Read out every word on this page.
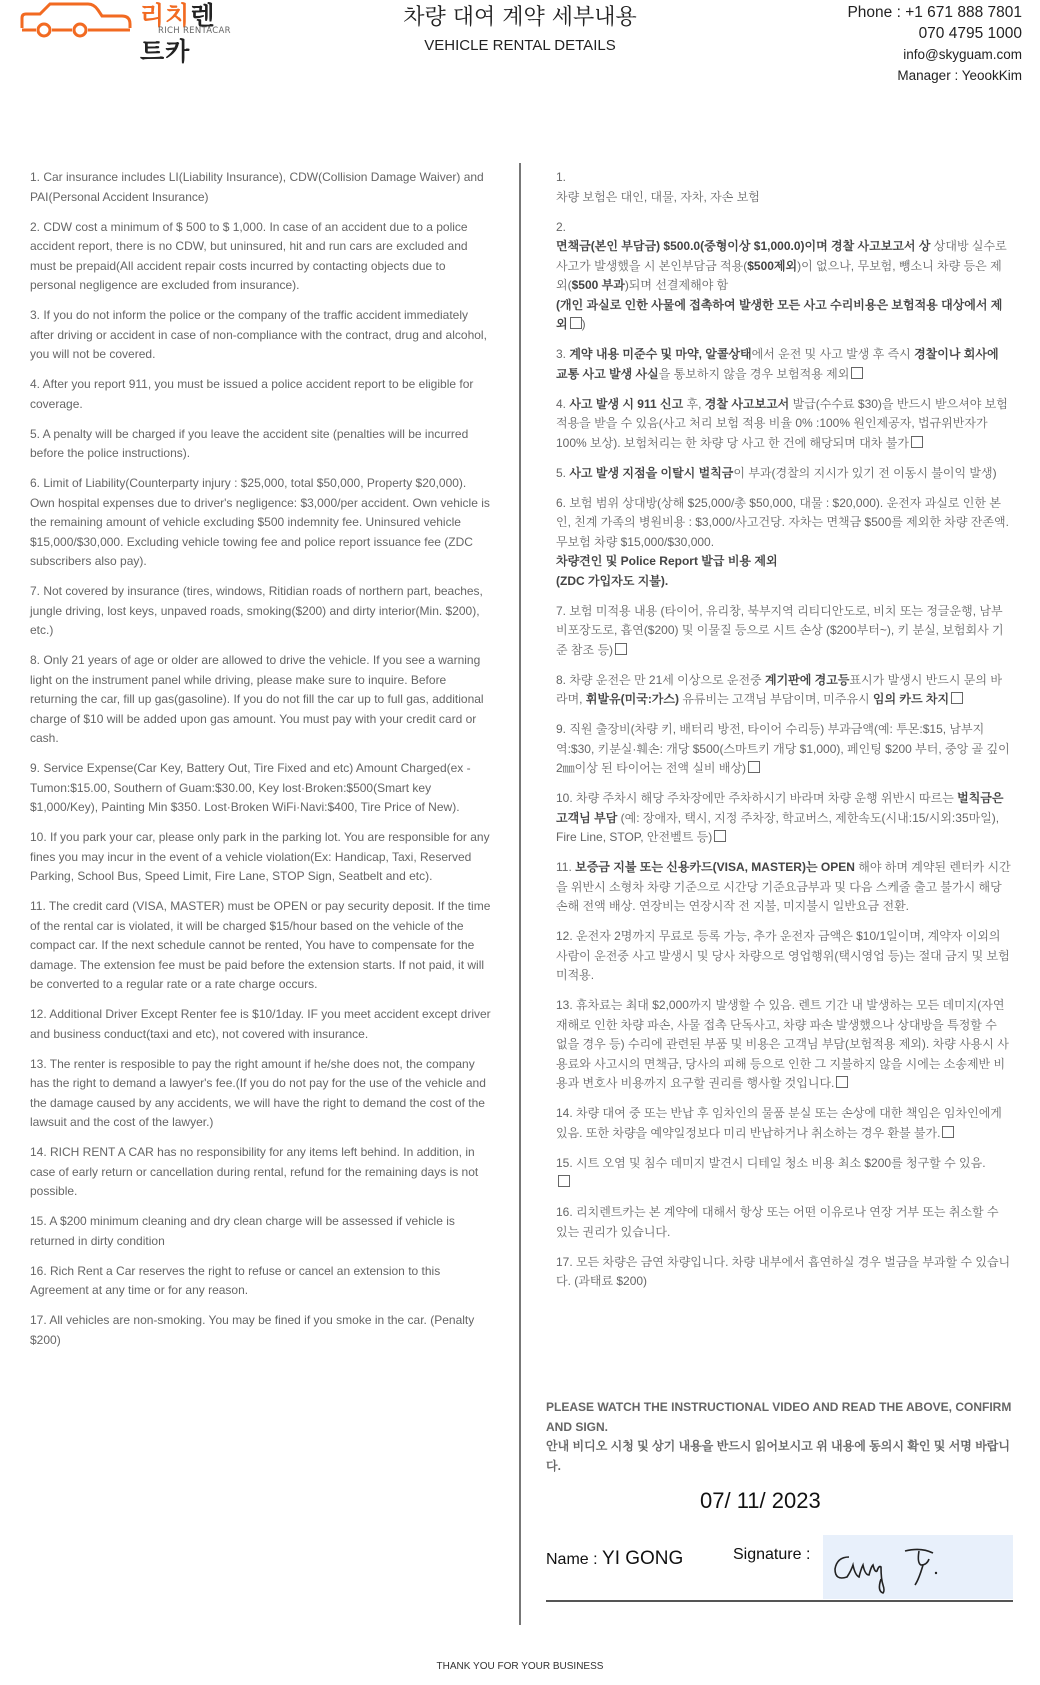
리치렌트카
RICH RENTACAR
차량 대여 계약 세부내용
VEHICLE RENTAL DETAILS
Phone : +1 671 888 7801
070 4795 1000
info@skyguam.com
Manager : YeookKim

1. Car insurance includes LI(Liability Insurance), CDW(Collision Damage Waiver) and PAI(Personal Accident Insurance)

2. CDW cost a minimum of $ 500 to $ 1,000. In case of an accident due to a police accident report, there is no CDW, but uninsured, hit and run cars are excluded and must be prepaid(All accident repair costs incurred by contacting objects due to personal negligence are excluded from insurance).

3. If you do not inform the police or the company of the traffic accident immediately after driving or accident in case of non-compliance with the contract, drug and alcohol, you will not be covered.

4. After you report 911, you must be issued a police accident report to be eligible for coverage.

5. A penalty will be charged if you leave the accident site (penalties will be incurred before the police instructions).

6. Limit of Liability(Counterparty injury : $25,000, total $50,000, Property $20,000). Own hospital expenses due to driver's negligence: $3,000/per accident. Own vehicle is the remaining amount of vehicle excluding $500 indemnity fee. Uninsured vehicle $15,000/$30,000. Excluding vehicle towing fee and police report issuance fee (ZDC subscribers also pay).

7. Not covered by insurance (tires, windows, Ritidian roads of northern part, beaches, jungle driving, lost keys, unpaved roads, smoking($200) and dirty interior(Min. $200), etc.)

8. Only 21 years of age or older are allowed to drive the vehicle. If you see a warning light on the instrument panel while driving, please make sure to inquire. Before returning the car, fill up gas(gasoline). If you do not fill the car up to full gas, additional charge of $10 will be added upon gas amount. You must pay with your credit card or cash.

9. Service Expense(Car Key, Battery Out, Tire Fixed and etc) Amount Charged(ex - Tumon:$15.00, Southern of Guam:$30.00, Key lost·Broken:$500(Smart key $1,000/Key), Painting Min $350. Lost·Broken WiFi·Navi:$400, Tire Price of New).

10. If you park your car, please only park in the parking lot. You are responsible for any fines you may incur in the event of a vehicle violation(Ex: Handicap, Taxi, Reserved Parking, School Bus, Speed Limit, Fire Lane, STOP Sign, Seatbelt and etc).

11. The credit card (VISA, MASTER) must be OPEN or pay security deposit. If the time of the rental car is violated, it will be charged $15/hour based on the vehicle of the compact car. If the next schedule cannot be rented, You have to compensate for the damage. The extension fee must be paid before the extension starts. If not paid, it will be converted to a regular rate or a rate charge occurs.

12. Additional Driver Except Renter fee is $10/1day. IF you meet accident except driver and business conduct(taxi and etc), not covered with insurance.

13. The renter is resposible to pay the right amount if he/she does not, the company has the right to demand a lawyer's fee.(If you do not pay for the use of the vehicle and the damage caused by any accidents, we will have the right to demand the cost of the lawsuit and the cost of the lawyer.)

14. RICH RENT A CAR has no responsibility for any items left behind. In addition, in case of early return or cancellation during rental, refund for the remaining days is not possible.

15. A $200 minimum cleaning and dry clean charge will be assessed if vehicle is returned in dirty condition

16. Rich Rent a Car reserves the right to refuse or cancel an extension to this Agreement at any time or for any reason.

17. All vehicles are non-smoking. You may be fined if you smoke in the car. (Penalty $200)

1.
차량 보험은 대인, 대물, 자차, 자손 보험

2.
면책금(본인 부담금) $500.0(중형이상 $1,000.0)이며 경찰 사고보고서 상 상대방 실수로 사고가 발생했을 시 본인부담금 적용($500제외)이 없으나, 무보험, 뺑소니 차량 등은 제외($500 부과)되며 선결제해야 함
(개인 과실로 인한 사물에 접촉하여 발생한 모든 사고 수리비용은 보험적용 대상에서 제외 )

3. 계약 내용 미준수 및 마약, 알콜상태에서 운전 및 사고 발생 후 즉시 경찰이나 회사에 교통 사고 발생 사실을 통보하지 않을 경우 보험적용 제외

4. 사고 발생 시 911 신고 후, 경찰 사고보고서 발급(수수료 $30)을 반드시 받으셔야 보험 적용을 받을 수 있음(사고 처리 보험 적용 비율 0% :100% 원인제공자, 법규위반자가 100% 보상). 보험처리는 한 차량 당 사고 한 건에 해당되며 대차 불가

5. 사고 발생 지점을 이탈시 벌칙금이 부과(경찰의 지시가 있기 전 이동시 불이익 발생)

6. 보험 범위 상대방(상해 $25,000/총 $50,000, 대물 : $20,000). 운전자 과실로 인한 본인, 친계 가족의 병원비용 : $3,000/사고건당. 자차는 면책금 $500를 제외한 차량 잔존액. 무보험 차량 $15,000/$30,000.
차량견인 및 Police Report 발급 비용 제외
(ZDC 가입자도 지불).

7. 보험 미적용 내용 (타이어, 유리창, 북부지역 리티디안도로, 비치 또는 정글운행, 남부 비포장도로, 흡연($200) 및 이물질 등으로 시트 손상 ($200부터~), 키 분실, 보험회사 기준 참조 등)

8. 차량 운전은 만 21세 이상으로 운전중 계기판에 경고등표시가 발생시 반드시 문의 바라며, 휘발유(미국:가스) 유류비는 고객님 부담이며, 미주유시 임의 카드 차지

9. 직원 출장비(차량 키, 배터리 방전, 타이어 수리등) 부과금액(예: 투몬:$15, 남부지역:$30, 키분실·훼손: 개당 $500(스마트키 개당 $1,000), 페인팅 $200 부터, 중앙 골 깊이 2㎜이상 된 타이어는 전액 실비 배상)

10. 차량 주차시 해당 주차장에만 주차하시기 바라며 차량 운행 위반시 따르는 벌칙금은 고객님 부담 (예: 장애자, 택시, 지정 주차장, 학교버스, 제한속도(시내:15/시외:35마일), Fire Line, STOP, 안전벨트 등)

11. 보증금 지불 또는 신용카드(VISA, MASTER)는 OPEN 해야 하며 계약된 렌터카 시간을 위반시 소형차 차량 기준으로 시간당 기준요금부과 및 다음 스케줄 출고 불가시 해당 손해 전액 배상. 연장비는 연장시작 전 지불, 미지불시 일반요금 전환.

12. 운전자 2명까지 무료로 등록 가능, 추가 운전자 금액은 $10/1일이며, 계약자 이외의 사람이 운전중 사고 발생시 및 당사 차량으로 영업행위(택시영업 등)는 절대 금지 및 보험 미적용.

13. 휴차료는 최대 $2,000까지 발생할 수 있음. 렌트 기간 내 발생하는 모든 데미지(자연재해로 인한 차량 파손, 사물 접촉 단독사고, 차량 파손 발생했으나 상대방을 특정할 수 없을 경우 등) 수리에 관련된 부품 및 비용은 고객님 부담(보험적용 제외). 차량 사용시 사용료와 사고시의 면책금, 당사의 피해 등으로 인한 그 지불하지 않을 시에는 소송제반 비용과 변호사 비용까지 요구할 권리를 행사할 것입니다.

14. 차량 대여 중 또는 반납 후 임차인의 물품 분실 또는 손상에 대한 책임은 임차인에게 있음. 또한 차량을 예약일정보다 미리 반납하거나 취소하는 경우 환불 불가.

15. 시트 오염 및 침수 데미지 발견시 디테일 청소 비용 최소 $200를 청구할 수 있음.

16. 리치렌트카는 본 계약에 대해서 항상 또는 어떤 이유로나 연장 거부 또는 취소할 수 있는 권리가 있습니다.

17. 모든 차량은 금연 차량입니다. 차량 내부에서 흡연하실 경우 벌금을 부과할 수 있습니다. (과태료 $200)

PLEASE WATCH THE INSTRUCTIONAL VIDEO AND READ THE ABOVE, CONFIRM AND SIGN.
안내 비디오 시청 및 상기 내용을 반드시 읽어보시고 위 내용에 동의시 확인 및 서명 바랍니다.
07/ 11/ 2023
Name : YI GONG	Signature :
THANK YOU FOR YOUR BUSINESS
